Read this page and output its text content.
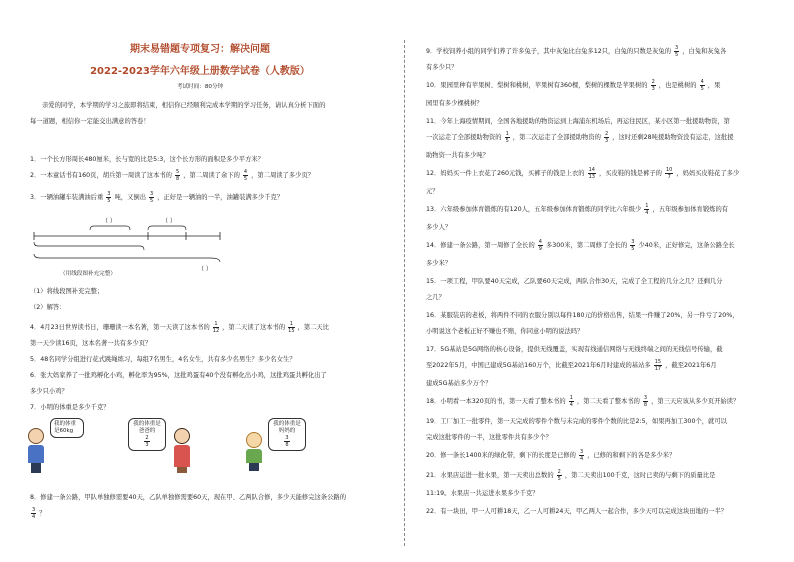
期末易错题专项复习：解决问题
2022-2023学年六年级上册数学试卷（人教版）
考试时间：80分钟
亲爱的同学，本学期的学习之旅即将结束，相信你已经顺利完成本学期的学习任务，请认真分析下面的
每一道题，相信你一定能交出满意的答卷！
1．一个长方形周长480厘米，长与宽的比是5:3，这个长方形的面积是多少平方米？
2．一本童话书有160页，胡兵第一周读了这本书的 $\frac{5}{8}$ ，第二周读了余下的 $\frac{4}{5}$ ，第二周读了多少页？
3．一辆油罐车装满油后重 $\frac{3}{5}$ 吨，又倒出 $\frac{3}{5}$ ，正好是一辆油的一半，油罐装满多少千克？
（ ）	（ ）
（ ）
（用线段图补充完整）
（1）将线段图补充完整；
（2）解答：
4．4月23日世界读书日，珊珊读一本名著，第一天读了这本书的 $\frac{1}{12}$ ，第二天读了这本书的 $\frac{1}{15}$ ，第二天比
第一天少读16页，这本名著一共有多少页？
5．48名同学分组进行花式跳绳练习，每组7名男生，4名女生，共有多少名男生？多少名女生？
6．张大妈家养了一批鸡孵化小鸡，孵化率为95%，这批鸡蛋有40个没有孵化出小鸡，这批鸡蛋共孵化出了
多少只小鸡？
7．小明的体重是多少千克？
我的体重是60kg
我的体重是
爸爸的
$\frac{2}{3}$
我的体重是
妈妈的
$\frac{3}{8}$
8．修建一条公路，甲队单独修需要40天，乙队单独修需要60天，现在甲、乙两队合修，多少天能修完这条公路的
$\frac{3}{4}$ ？
9．学校饲养小组的同学们养了许多兔子，其中灰兔比白兔多12只，白兔的只数是灰兔的 $\frac{3}{5}$ ，白兔和灰兔各
有多少只？
10．果园里种有苹果树、梨树和桃树，苹果树有360棵，梨树的棵数是苹果树的 $\frac{2}{3}$ ，也是桃树的 $\frac{4}{5}$ ，果
园里有多少棵桃树？
11．今年上海疫情期间，全国各地援助的物资运到上海浦东机场后，再运往民区，某小区第一批援助物资，第
一次运走了全部援助物资的 $\frac{1}{5}$ ，第二次运走了全部援助物资的 $\frac{2}{3}$ ，这时还剩28吨援助物资没有运走，这批援
助物资一共有多少吨？
12．妈妈买一件上衣花了260元钱，买裤子的钱是上衣的 $\frac{14}{13}$ ，买皮鞋的钱是裤子的 $\frac{10}{7}$ ，妈妈买皮鞋花了多少
元？
13．六年级参加体育锻炼的有120人，五年级参加体育锻炼的同学比六年级少 $\frac{1}{4}$ ，五年级参加体育锻炼的有
多少人？
14．修建一条公路，第一周修了全长的 $\frac{4}{9}$ 多300米，第二周修了全长的 $\frac{3}{5}$ 少40米，正好修完，这条公路全长
多少米？
15．一项工程，甲队要40天完成，乙队要60天完成，两队合作30天，完成了全工程的几分之几？还剩几分
之几？
16．某服装店的老板，将两件不同的衣服分别以每件180元的价格出售，结果一件赚了20%，另一件亏了20%，
小明说这个老板正好不赚也不赔，你同意小明的说法吗？
17．5G基站是5G网络的核心设备，提供无线覆盖，实现有线通信网络与无线终端之间的无线信号传输，截
至2022年5月，中国已建成5G基站160万个，比截至2021年6月时建成的基站多 $\frac{15}{17}$ ，截至2021年6月
建成5G基站多少万个？
18．小明看一本320页的书，第一天看了整本书的 $\frac{1}{4}$ ，第二天看了整本书的 $\frac{3}{8}$ ，第三天应该从多少页开始读？
19．工厂加工一批零件，第一天完成的零件个数与未完成的零件个数的比是2:5，如果再加工300个，就可以
完成这批零件的一半，这批零件共有多少个？
20．修一条长1400米的绿化带，剩下的长度是已修的 $\frac{3}{4}$ ，已修的和剩下的各是多少米？
21．水果店运进一批水果，第一天卖出总数的 $\frac{2}{5}$ ，第二天卖出100千克，这时已卖的与剩下的质量比是
11:19。水果店一共运进水果多少千克？
22．有一块田，甲一人可耕18天，乙一人可耕24天，甲乙两人一起合作，多少天可以完成这块田地的一半？
